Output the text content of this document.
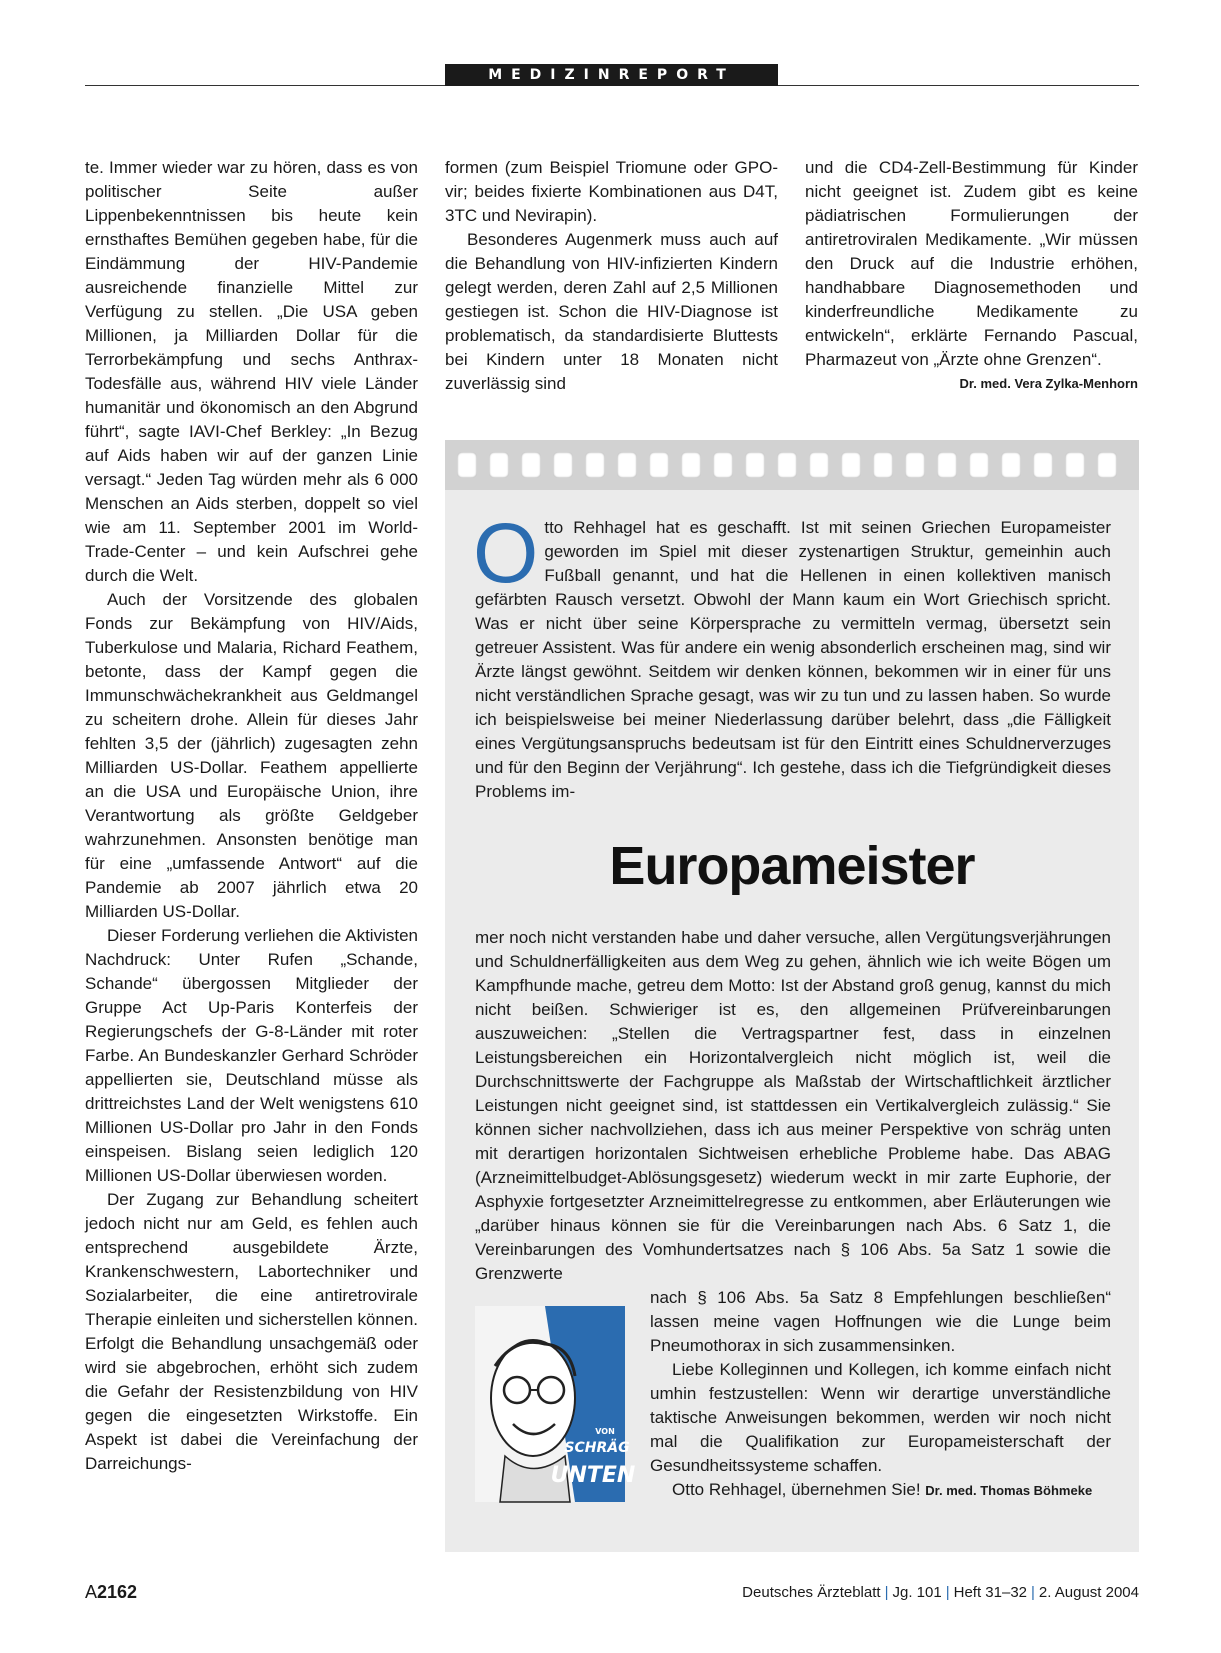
MEDIZINREPORT

te. Immer wieder war zu hören, dass es von politischer Seite außer Lippenbekenntnissen bis heute kein ernsthaftes Bemühen gegeben habe, für die Eindämmung der HIV-Pandemie ausreichende finanzielle Mittel zur Verfügung zu stellen. „Die USA geben Millionen, ja Milliarden Dollar für die Terrorbekämpfung und sechs Anthrax-Todesfälle aus, während HIV viele Länder humanitär und ökonomisch an den Abgrund führt“, sagte IAVI-Chef Berkley: „In Bezug auf Aids haben wir auf der ganzen Linie versagt.“ Jeden Tag würden mehr als 6 000 Menschen an Aids sterben, doppelt so viel wie am 11. September 2001 im World-Trade-Center – und kein Aufschrei gehe durch die Welt.

Auch der Vorsitzende des globalen Fonds zur Bekämpfung von HIV/Aids, Tuberkulose und Malaria, Richard Feathem, betonte, dass der Kampf gegen die Immunschwächekrankheit aus Geldmangel zu scheitern drohe. Allein für dieses Jahr fehlten 3,5 der (jährlich) zugesagten zehn Milliarden US-Dollar. Feathem appellierte an die USA und Europäische Union, ihre Verantwortung als größte Geldgeber wahrzunehmen. Ansonsten benötige man für eine „umfassende Antwort“ auf die Pandemie ab 2007 jährlich etwa 20 Milliarden US-Dollar.

Dieser Forderung verliehen die Aktivisten Nachdruck: Unter Rufen „Schande, Schande“ übergossen Mitglieder der Gruppe Act Up-Paris Konterfeis der Regierungschefs der G-8-Länder mit roter Farbe. An Bundeskanzler Gerhard Schröder appellierten sie, Deutschland müsse als drittreichstes Land der Welt wenigstens 610 Millionen US-Dollar pro Jahr in den Fonds einspeisen. Bislang seien lediglich 120 Millionen US-Dollar überwiesen worden.

Der Zugang zur Behandlung scheitert jedoch nicht nur am Geld, es fehlen auch entsprechend ausgebildete Ärzte, Krankenschwestern, Labortechniker und Sozialarbeiter, die eine antiretrovirale Therapie einleiten und sicherstellen können. Erfolgt die Behandlung unsachgemäß oder wird sie abgebrochen, erhöht sich zudem die Gefahr der Resistenzbildung von HIV gegen die eingesetzten Wirkstoffe. Ein Aspekt ist dabei die Vereinfachung der Darreichungs-

formen (zum Beispiel Triomune oder GPO-vir; beides fixierte Kombinationen aus D4T, 3TC und Nevirapin).

Besonderes Augenmerk muss auch auf die Behandlung von HIV-infizierten Kindern gelegt werden, deren Zahl auf 2,5 Millionen gestiegen ist. Schon die HIV-Diagnose ist problematisch, da standardisierte Bluttests bei Kindern unter 18 Monaten nicht zuverlässig sind

und die CD4-Zell-Bestimmung für Kinder nicht geeignet ist. Zudem gibt es keine pädiatrischen Formulierungen der antiretroviralen Medikamente. „Wir müssen den Druck auf die Industrie erhöhen, handhabbare Diagnosemethoden und kinderfreundliche Medikamente zu entwickeln“, erklärte Fernando Pascual, Pharmazeut von „Ärzte ohne Grenzen“.
Dr. med. Vera Zylka-Menhorn

Otto Rehhagel hat es geschafft. Ist mit seinen Griechen Europameister geworden im Spiel mit dieser zystenartigen Struktur, gemeinhin auch Fußball genannt, und hat die Hellenen in einen kollektiven manisch gefärbten Rausch versetzt. Obwohl der Mann kaum ein Wort Griechisch spricht. Was er nicht über seine Körpersprache zu vermitteln vermag, übersetzt sein getreuer Assistent. Was für andere ein wenig absonderlich erscheinen mag, sind wir Ärzte längst gewöhnt. Seitdem wir denken können, bekommen wir in einer für uns nicht verständlichen Sprache gesagt, was wir zu tun und zu lassen haben. So wurde ich beispielsweise bei meiner Niederlassung darüber belehrt, dass „die Fälligkeit eines Vergütungsanspruchs bedeutsam ist für den Eintritt eines Schuldnerverzuges und für den Beginn der Verjährung“. Ich gestehe, dass ich die Tiefgründigkeit dieses Problems im-

Europameister

mer noch nicht verstanden habe und daher versuche, allen Vergütungsverjährungen und Schuldnerfälligkeiten aus dem Weg zu gehen, ähnlich wie ich weite Bögen um Kampfhunde mache, getreu dem Motto: Ist der Abstand groß genug, kannst du mich nicht beißen. Schwieriger ist es, den allgemeinen Prüfvereinbarungen auszuweichen: „Stellen die Vertragspartner fest, dass in einzelnen Leistungsbereichen ein Horizontalvergleich nicht möglich ist, weil die Durchschnittswerte der Fachgruppe als Maßstab der Wirtschaftlichkeit ärztlicher Leistungen nicht geeignet sind, ist stattdessen ein Vertikalvergleich zulässig.“ Sie können sicher nachvollziehen, dass ich aus meiner Perspektive von schräg unten mit derartigen horizontalen Sichtweisen erhebliche Probleme habe. Das ABAG (Arzneimittelbudget-Ablösungsgesetz) wiederum weckt in mir zarte Euphorie, der Asphyxie fortgesetzter Arzneimittelregresse zu entkommen, aber Erläuterungen wie „darüber hinaus können sie für die Vereinbarungen nach Abs. 6 Satz 1, die Vereinbarungen des Vomhundertsatzes nach § 106 Abs. 5a Satz 1 sowie die Grenzwerte

nach § 106 Abs. 5a Satz 8 Empfehlungen beschließen“ lassen meine vagen Hoffnungen wie die Lunge beim Pneumothorax in sich zusammensinken.

Liebe Kolleginnen und Kollegen, ich komme einfach nicht umhin festzustellen: Wenn wir derartige unverständliche taktische Anweisungen bekommen, werden wir noch nicht mal die Qualifikation zur Europameisterschaft der Gesundheitssysteme schaffen.

Otto Rehhagel, übernehmen Sie! Dr. med. Thomas Böhmeke

VON
SCHRÄG
UNTEN
A2162	Deutsches Ärzteblatt | Jg. 101 | Heft 31–32 | 2. August 2004
